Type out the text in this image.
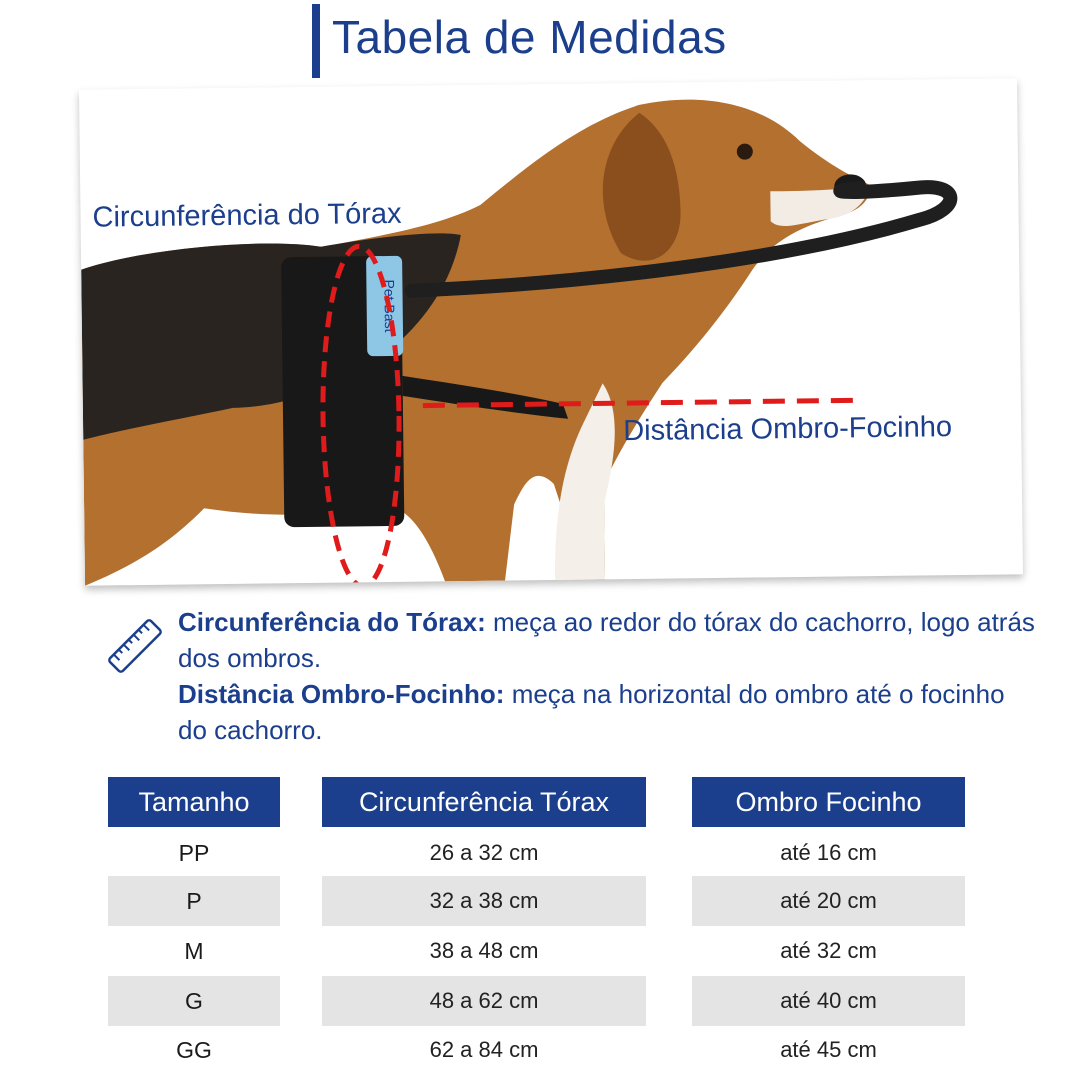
Tabela de Medidas
Pet Bast
Circunferência do Tórax
Distância Ombro-Focinho
Circunferência do Tórax: meça ao redor do tórax do cachorro, logo atrás dos ombros.
Distância Ombro-Focinho: meça na horizontal do ombro até o focinho do cachorro.
Tamanho	Circunferência Tórax	Ombro Focinho
PP	26 a 32 cm	até 16 cm
P	32 a 38 cm	até 20 cm
M	38 a 48 cm	até 32 cm
G	48 a 62 cm	até 40 cm
GG	62 a 84 cm	até 45 cm
